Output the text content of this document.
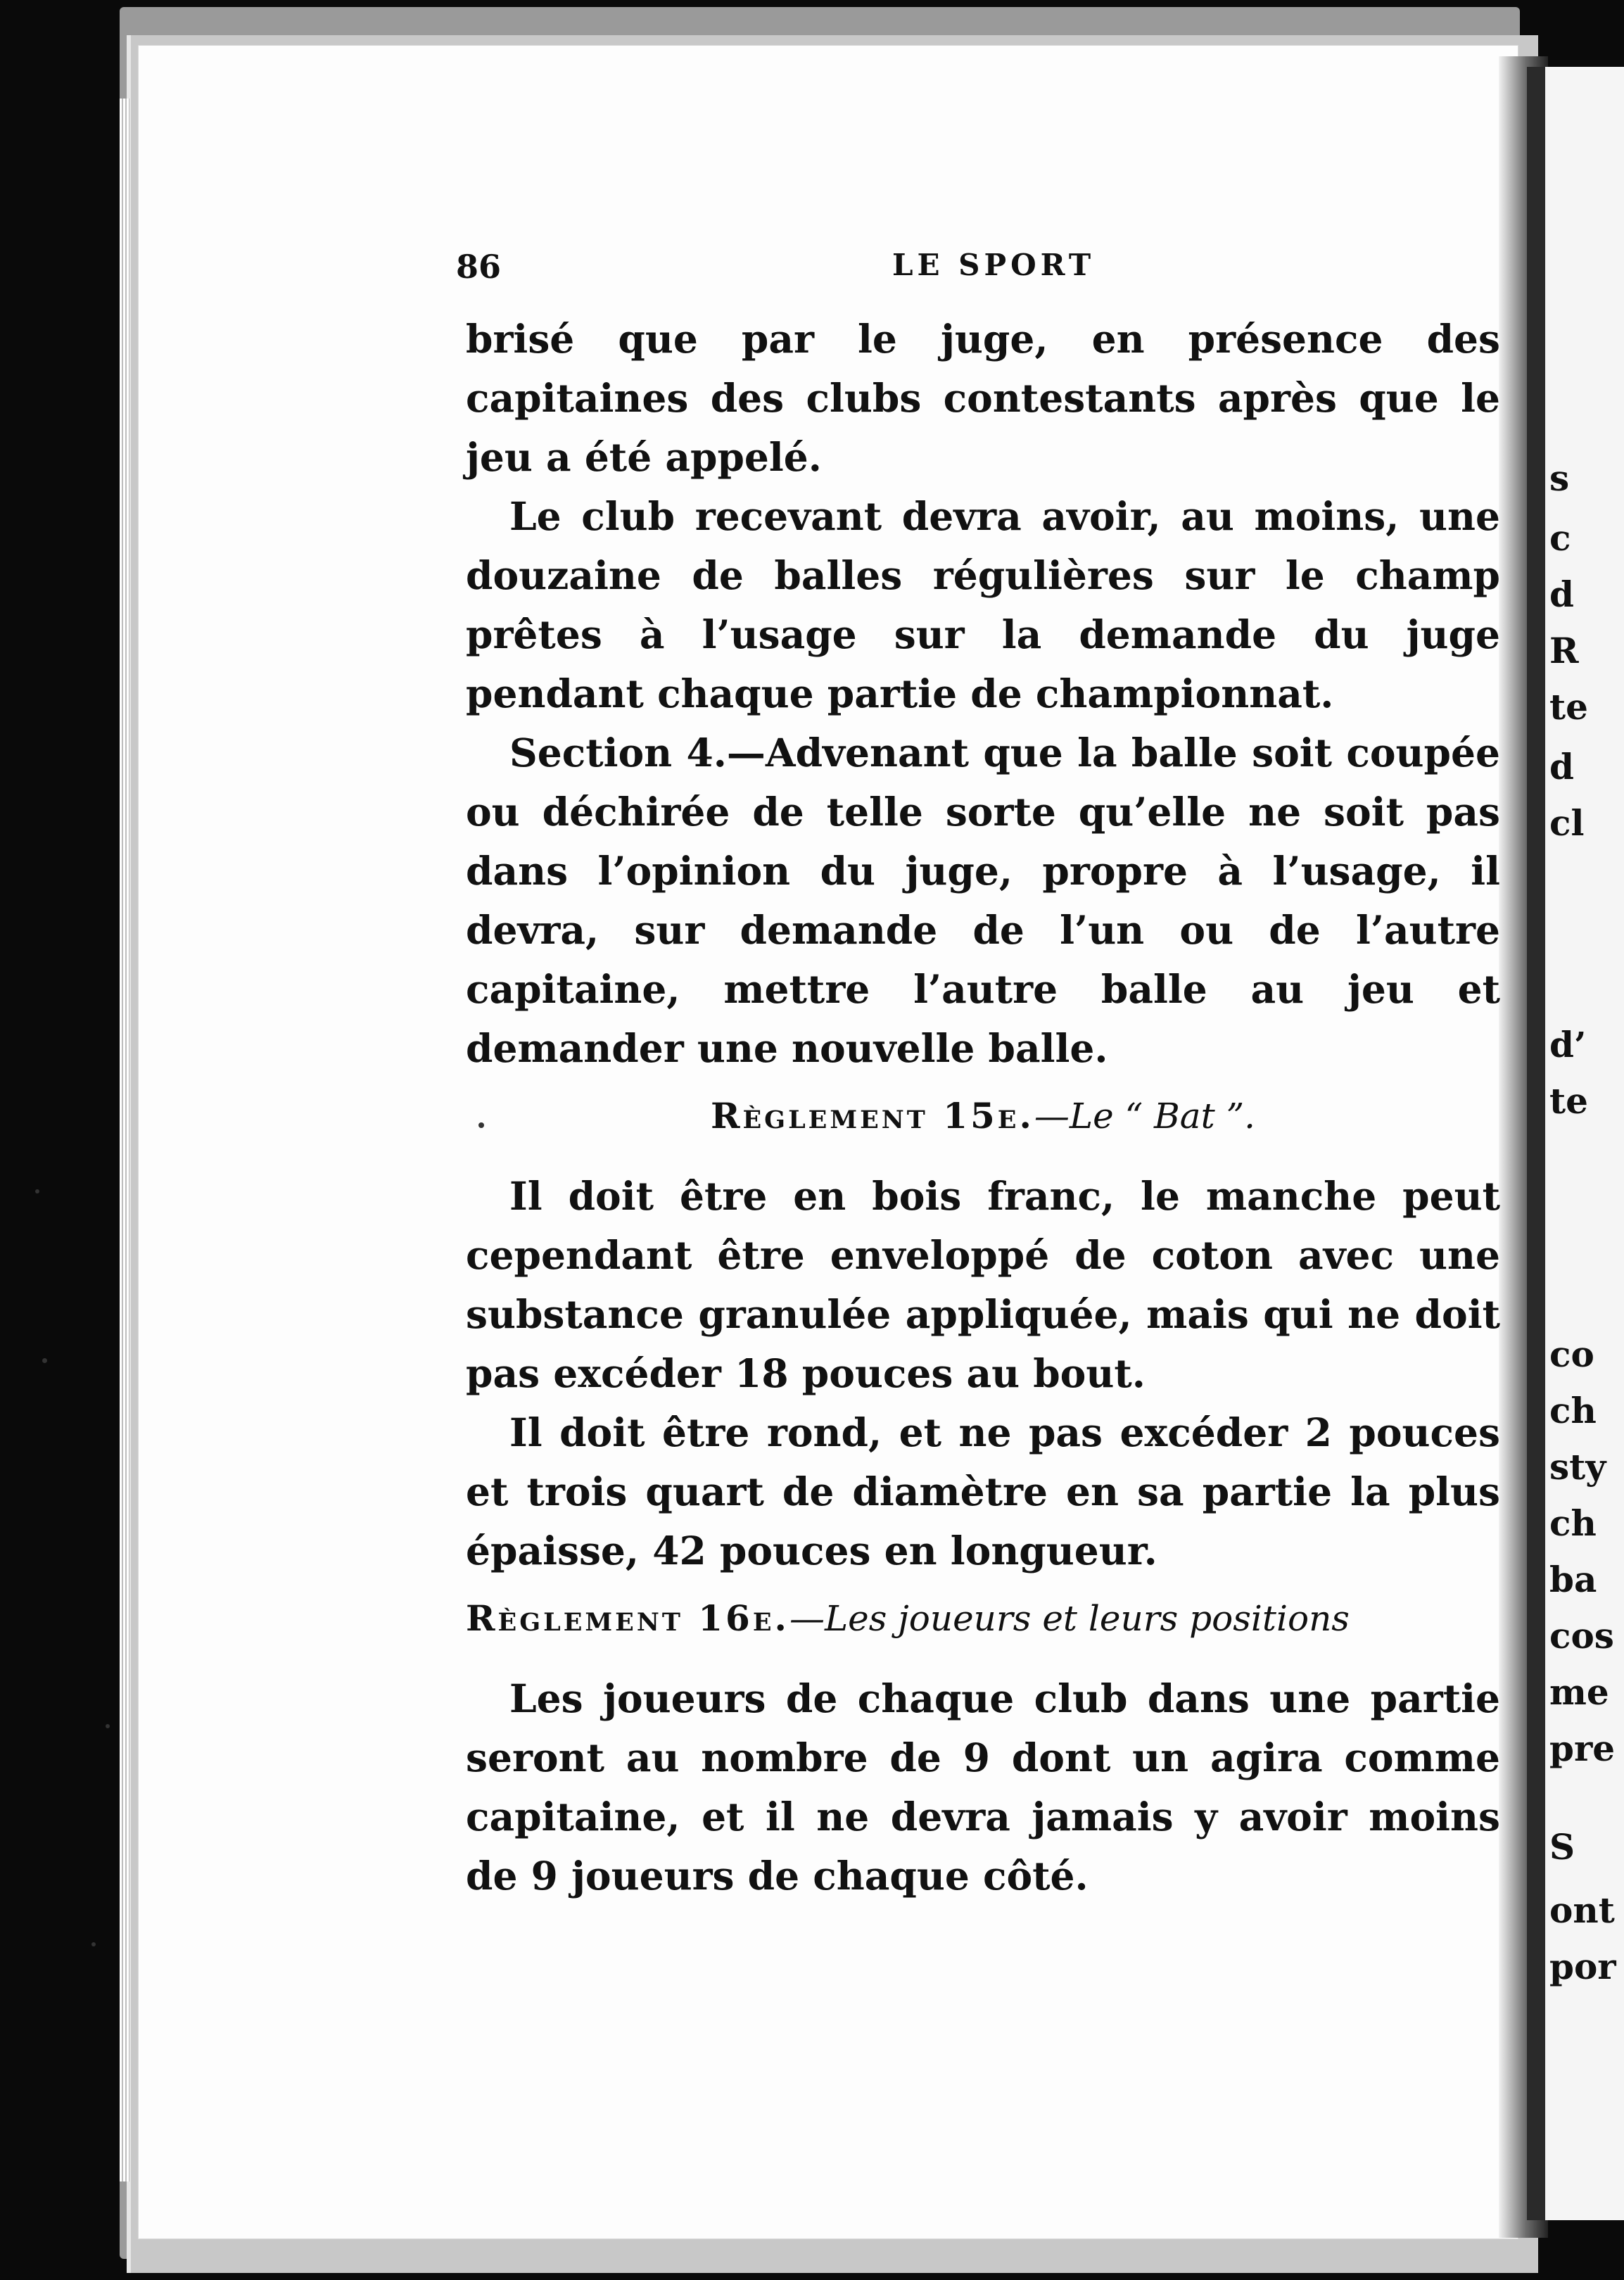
s
c
d
R
te
d
cl
d’
te
co
ch
sty
ch
ba
cos
me
pre
S
ont
por
86	LE SPORT

brisé que par le juge, en présence des capitaines des clubs contestants après que le jeu a été appelé.

Le club recevant devra avoir, au moins, une douzaine de balles régulières sur le champ prêtes à l’usage sur la demande du juge pendant chaque partie de championnat.

Section 4.—Advenant que la balle soit coupée ou déchirée de telle sorte qu’elle ne soit pas dans l’opinion du juge, propre à l’usage, il devra, sur demande de l’un ou de l’autre capitaine, mettre l’autre balle au jeu et demander une nouvelle balle.

Règlement 15e.—Le “ Bat ”.

Il doit être en bois franc, le manche peut cependant être enveloppé de coton avec une substance granulée appliquée, mais qui ne doit pas excéder 18 pouces au bout.

Il doit être rond, et ne pas excéder 2 pouces et trois quart de diamètre en sa partie la plus épaisse, 42 pouces en longueur.

Règlement 16e.—Les joueurs et leurs positions

Les joueurs de chaque club dans une partie seront au nombre de 9 dont un agira comme capitaine, et il ne devra jamais y avoir moins de 9 joueurs de chaque côté.
